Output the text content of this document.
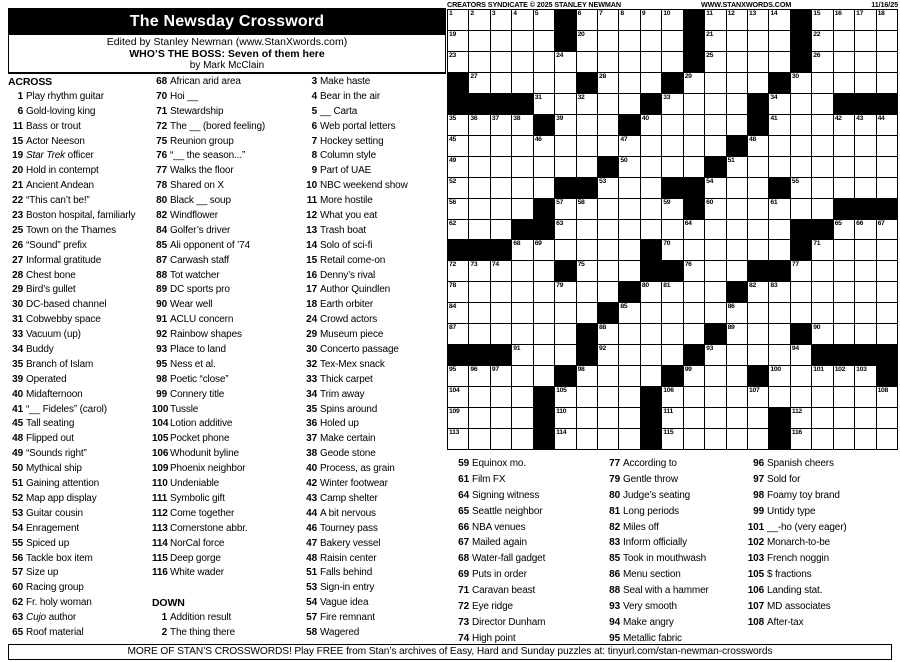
The Newsday Crossword
Edited by Stanley Newman (www.StanXwords.com)
WHO’S THE BOSS: Seven of them here
by Mark McClain
CREATORS SYNDICATE © 2025 STANLEY NEWMAN	WWW.STANXWORDS.COM	11/16/25
1	2	3	4	5	6	7	8	9	10	11 12 13 14	15 16 17 18
19	20	21	22
23	24	25	26
27	28	29	30
31	32	33	34
35 36 37 38	39	40	41	42 43 44
45	46	47	48
49	50	51
52	53	54	55
56	57 58	59	60	61
62	63	64	65 66 67
68 69	70	71
72 73 74	75	76	77
78	79	80 81	82 83
84	85	86
87	88	89	90
91	92	93	94
95 96 97	98	99	100	101 102 103
104	105	106	107	108
109	110	111	112
113	114	115	116
ACROSS
1 Play rhythm guitar
6 Gold-loving king
11 Bass or trout
15 Actor Neeson
19 Star Trek officer
20 Hold in contempt
21 Ancient Andean
22 “This can’t be!”
23 Boston hospital, familiarly
25 Town on the Thames
26 “Sound” prefix
27 Informal gratitude
28 Chest bone
29 Bird’s gullet
30 DC-based channel
31 Cobwebby space
33 Vacuum (up)
34 Buddy
35 Branch of Islam
39 Operated
40 Midafternoon
41 “__ Fideles” (carol)
45 Tall seating
48 Flipped out
49 “Sounds right”
50 Mythical ship
51 Gaining attention
52 Map app display
53 Guitar cousin
54 Enragement
55 Spiced up
56 Tackle box item
57 Size up
60 Racing group
62 Fr. holy woman
63 Cujo author
65 Roof material
68 African arid area
70 Hoi __
71 Stewardship
72 The __ (bored feeling)
75 Reunion group
76 “__ the season...”
77 Walks the floor
78 Shared on X
80 Black __ soup
82 Windflower
84 Golfer’s driver
85 Ali opponent of ’74
87 Carwash staff
88 Tot watcher
89 DC sports pro
90 Wear well
91 ACLU concern
92 Rainbow shapes
93 Place to land
95 Ness et al.
98 Poetic “close”
99 Connery title
100 Tussle
104 Lotion additive
105 Pocket phone
106 Whodunit byline
109 Phoenix neighbor
110 Undeniable
111 Symbolic gift
112 Come together
113 Cornerstone abbr.
114 NorCal force
115 Deep gorge
116 White wader
DOWN
1 Addition result
2 The thing there
3 Make haste
4 Bear in the air
5 __ Carta
6 Web portal letters
7 Hockey setting
8 Column style
9 Part of UAE
10 NBC weekend show
11 More hostile
12 What you eat
13 Trash boat
14 Solo of sci-fi
15 Retail come-on
16 Denny’s rival
17 Author Quindlen
18 Earth orbiter
24 Crowd actors
29 Museum piece
30 Concerto passage
32 Tex-Mex snack
33 Thick carpet
34 Trim away
35 Spins around
36 Holed up
37 Make certain
38 Geode stone
40 Process, as grain
42 Winter footwear
43 Camp shelter
44 A bit nervous
46 Tourney pass
47 Bakery vessel
48 Raisin center
51 Falls behind
53 Sign-in entry
54 Vague idea
57 Fire remnant
58 Wagered
59 Equinox mo.
61 Film FX
64 Signing witness
65 Seattle neighbor
66 NBA venues
67 Mailed again
68 Water-fall gadget
69 Puts in order
71 Caravan beast
72 Eye ridge
73 Director Dunham
74 High point
77 According to
79 Gentle throw
80 Judge’s seating
81 Long periods
82 Miles off
83 Inform officially
85 Took in mouthwash
86 Menu section
88 Seal with a hammer
93 Very smooth
94 Make angry
95 Metallic fabric
96 Spanish cheers
97 Sold for
98 Foamy toy brand
99 Untidy type
101 __-ho (very eager)
102 Monarch-to-be
103 French noggin
105 $ fractions
106 Landing stat.
107 MD associates
108 After-tax
MORE OF STAN’S CROSSWORDS! Play FREE from Stan’s archives of Easy, Hard and Sunday puzzles at: tinyurl.com/stan-newman-crosswords
